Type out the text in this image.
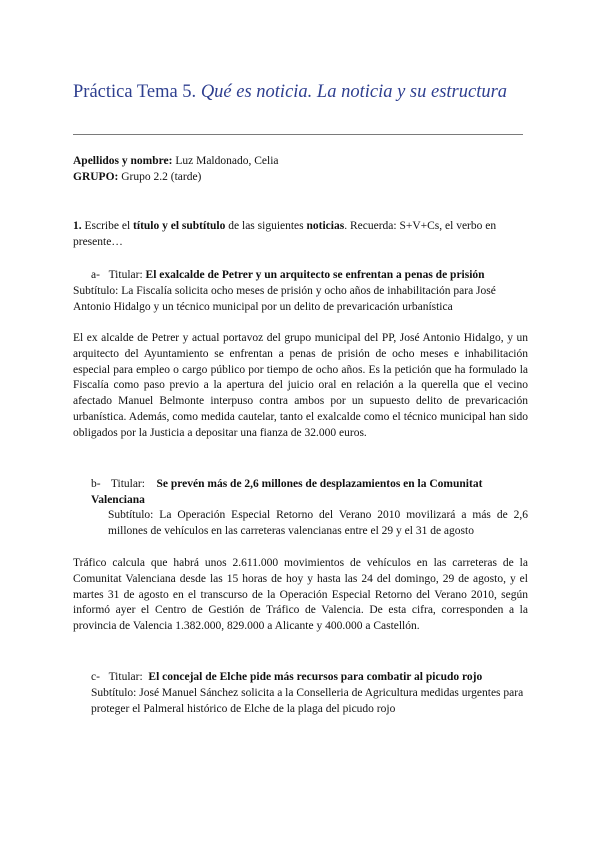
Práctica Tema 5. Qué es noticia. La noticia y su estructura

Apellidos y nombre: Luz Maldonado, Celia

GRUPO: Grupo 2.2 (tarde)

1. Escribe el título y el subtítulo de las siguientes noticias. Recuerda: S+V+Cs, el verbo en presente…

a- Titular: El exalcalde de Petrer y un arquitecto se enfrentan a penas de prisión
Subtítulo: La Fiscalía solicita ocho meses de prisión y ocho años de inhabilitación para José Antonio Hidalgo y un técnico municipal por un delito de prevaricación urbanística
El ex alcalde de Petrer y actual portavoz del grupo municipal del PP, José Antonio Hidalgo, y un arquitecto del Ayuntamiento se enfrentan a penas de prisión de ocho meses e inhabilitación especial para empleo o cargo público por tiempo de ocho años. Es la petición que ha formulado la Fiscalía como paso previo a la apertura del juicio oral en relación a la querella que el vecino afectado Manuel Belmonte interpuso contra ambos por un supuesto delito de prevaricación urbanística. Además, como medida cautelar, tanto el exalcalde como el técnico municipal han sido obligados por la Justicia a depositar una fianza de 32.000 euros.
b- Titular: Se prevén más de 2,6 millones de desplazamientos en la Comunitat Valenciana
Subtítulo: La Operación Especial Retorno del Verano 2010 movilizará a más de 2,6 millones de vehículos en las carreteras valencianas entre el 29 y el 31 de agosto
Tráfico calcula que habrá unos 2.611.000 movimientos de vehículos en las carreteras de la Comunitat Valenciana desde las 15 horas de hoy y hasta las 24 del domingo, 29 de agosto, y el martes 31 de agosto en el transcurso de la Operación Especial Retorno del Verano 2010, según informó ayer el Centro de Gestión de Tráfico de Valencia. De esta cifra, corresponden a la provincia de Valencia 1.382.000, 829.000 a Alicante y 400.000 a Castellón.
c- Titular: El concejal de Elche pide más recursos para combatir al picudo rojo
Subtítulo: José Manuel Sánchez solicita a la Conselleria de Agricultura medidas urgentes para proteger el Palmeral histórico de Elche de la plaga del picudo rojo
